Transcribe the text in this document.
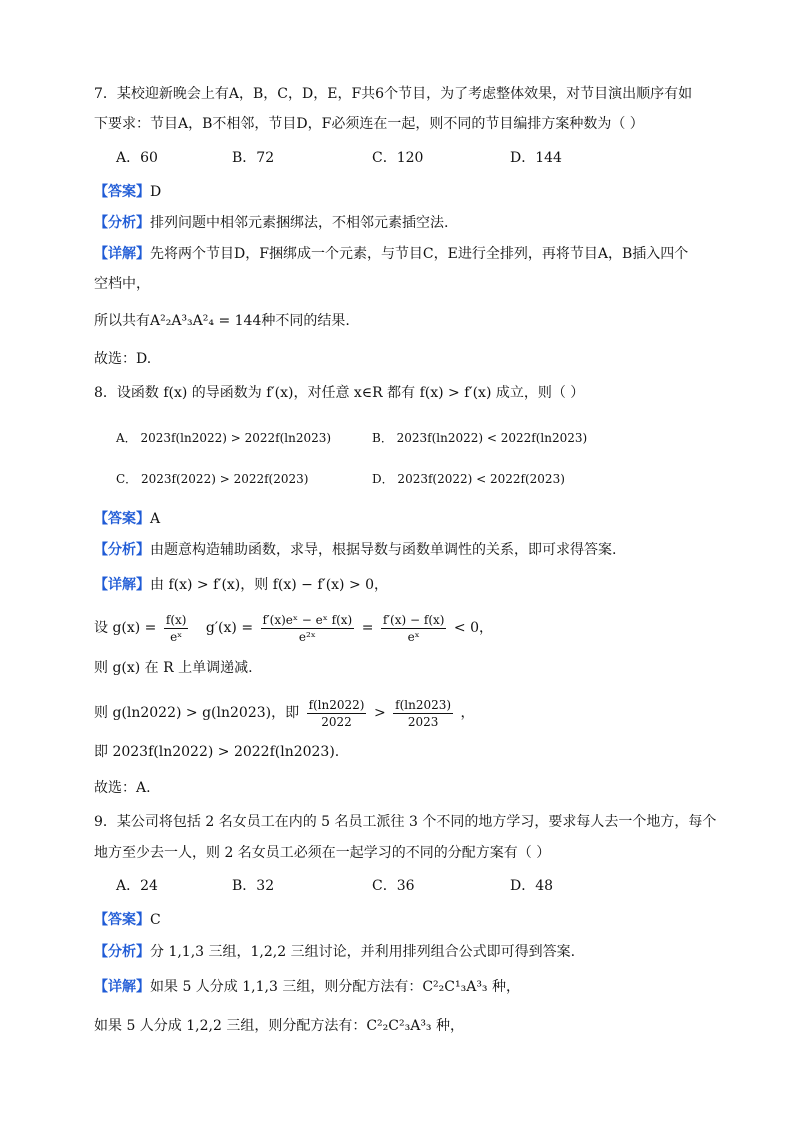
7．某校迎新晚会上有A，B，C，D，E，F共6个节目，为了考虑整体效果，对节目演出顺序有如
下要求：节目A，B不相邻，节目D，F必须连在一起，则不同的节目编排方案种数为（ ）
A．60	B．72	C．120	D．144
【答案】D
【分析】排列问题中相邻元素捆绑法，不相邻元素插空法.
【详解】先将两个节目D，F捆绑成一个元素，与节目C，E进行全排列，再将节目A，B插入四个
空档中，
所以共有A²₂A³₃A²₄ = 144种不同的结果.
故选：D.
8．设函数 f(x) 的导函数为 f′(x)，对任意 x∈R 都有 f(x) > f′(x) 成立，则（ ）
A． 2023f(ln2022) > 2022f(ln2023)	B． 2023f(ln2022) < 2022f(ln2023)
C． 2023f(2022) > 2022f(2023)	D． 2023f(2022) < 2022f(2023)
【答案】A
【分析】由题意构造辅助函数，求导，根据导数与函数单调性的关系，即可求得答案.
【详解】由 f(x) > f′(x)，则 f(x) − f′(x) > 0，
设 $g(x) = \frac{f(x)}{\text{eˣ}} g'(x) = \frac{\text{f′(x)eˣ − eˣ f(x)}}{\text{e²ˣ}} = \frac{f'(x) - f(x)}{\text{eˣ}} < 0$，
则 g(x) 在 R 上单调递减.
则 g(ln2022) > g(ln2023)，即 $\frac{f(\ln 2022)}{2022} > \frac{f(\ln 2023)}{2023}$ ，
即 2023f(ln2022) > 2022f(ln2023).
故选：A.
9．某公司将包括 2 名女员工在内的 5 名员工派往 3 个不同的地方学习，要求每人去一个地方，每个
地方至少去一人，则 2 名女员工必须在一起学习的不同的分配方案有（ ）
A．24	B．32	C．36	D．48
【答案】C
【分析】分 1,1,3 三组，1,2,2 三组讨论，并利用排列组合公式即可得到答案.
【详解】如果 5 人分成 1,1,3 三组，则分配方法有：C²₂C¹₃A³₃ 种，
如果 5 人分成 1,2,2 三组，则分配方法有：C²₂C²₃A³₃ 种，
